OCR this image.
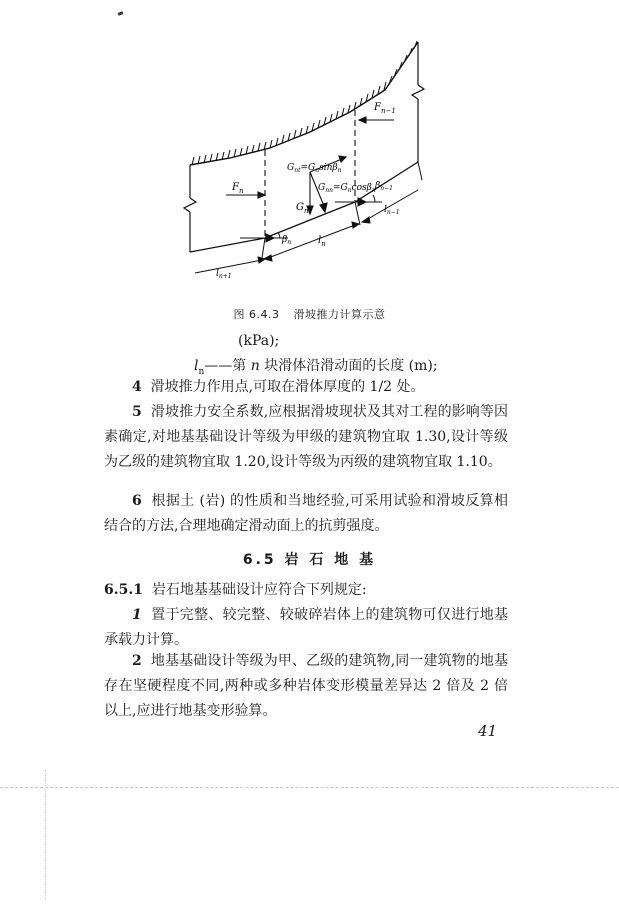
$F_{n-1}$
$F_n$
$G_{nt}=G_n\sin\beta_n$
$G_{nn}=G_n\cos\beta_n$
$G_n$
$\beta_n$
$\beta_{n-1}$
$l_{n-1}$
$l_n$
$l_{n+1}$
图 6.4.3 滑坡推力计算示意
(kPa);
$l_n——$第 n 块滑体沿滑动面的长度 (m);
4 滑坡推力作用点,可取在滑体厚度的 1/2 处。
5 滑坡推力安全系数,应根据滑坡现状及其对工程的影响等因素确定,对地基基础设计等级为甲级的建筑物宜取 1.30,设计等级为乙级的建筑物宜取 1.20,设计等级为丙级的建筑物宜取 1.10。
6 根据土 (岩) 的性质和当地经验,可采用试验和滑坡反算相结合的方法,合理地确定滑动面上的抗剪强度。
6.5 岩 石 地 基
6.5.1 岩石地基基础设计应符合下列规定:
1 置于完整、较完整、较破碎岩体上的建筑物可仅进行地基承载力计算。
2 地基基础设计等级为甲、乙级的建筑物,同一建筑物的地基存在坚硬程度不同,两种或多种岩体变形模量差异达 2 倍及 2 倍以上,应进行地基变形验算。
41
